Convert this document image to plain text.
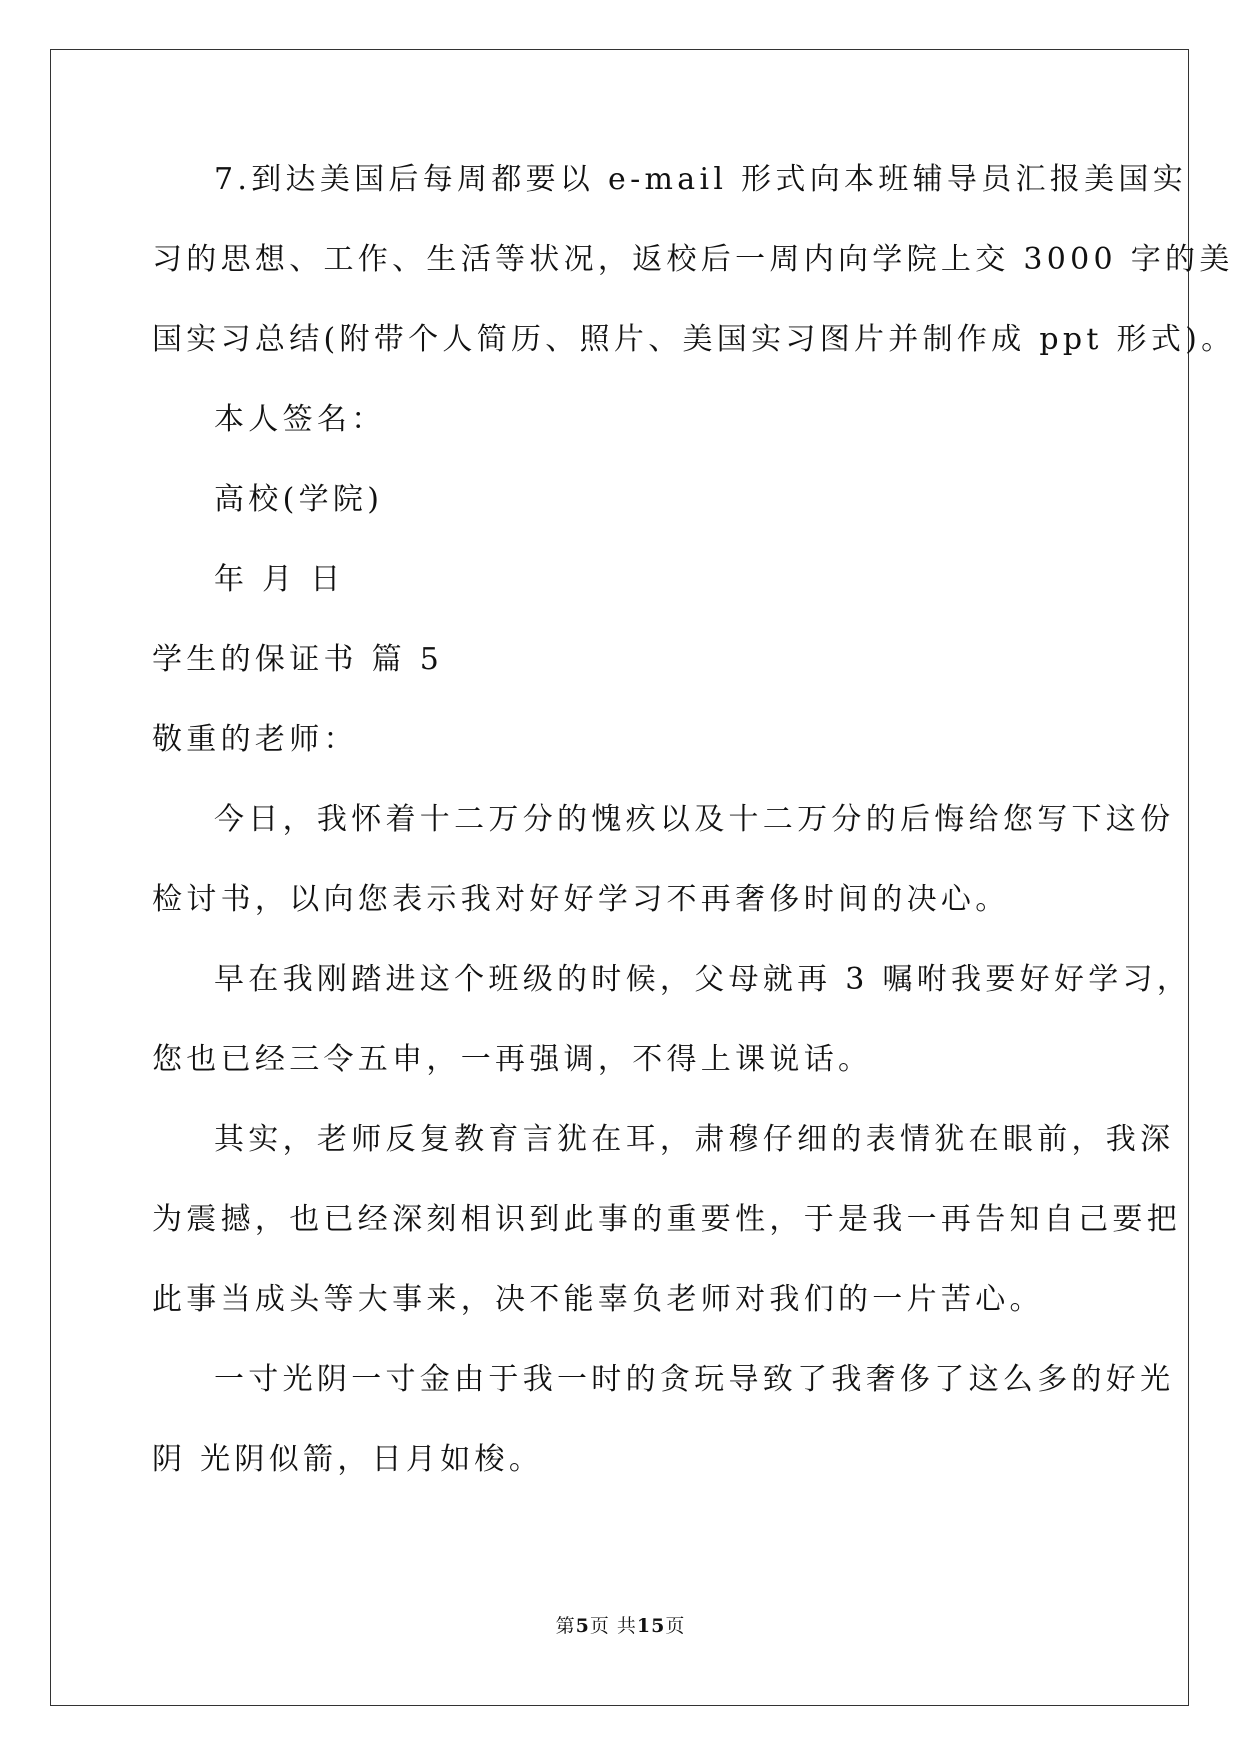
7.到达美国后每周都要以 e-mail 形式向本班辅导员汇报美国实
习的思想、工作、生活等状况，返校后一周内向学院上交 3000 字的美
国实习总结(附带个人简历、照片、美国实习图片并制作成 ppt 形式)。
本人签名：
高校(学院)
年 月 日
学生的保证书 篇 5
敬重的老师：
今日，我怀着十二万分的愧疚以及十二万分的后悔给您写下这份
检讨书，以向您表示我对好好学习不再奢侈时间的决心。
早在我刚踏进这个班级的时候，父母就再 3 嘱咐我要好好学习，
您也已经三令五申，一再强调，不得上课说话。
其实，老师反复教育言犹在耳，肃穆仔细的表情犹在眼前，我深
为震撼，也已经深刻相识到此事的重要性，于是我一再告知自己要把
此事当成头等大事来，决不能辜负老师对我们的一片苦心。
一寸光阴一寸金由于我一时的贪玩导致了我奢侈了这么多的好光
阴 光阴似箭，日月如梭。
第5页 共15页
